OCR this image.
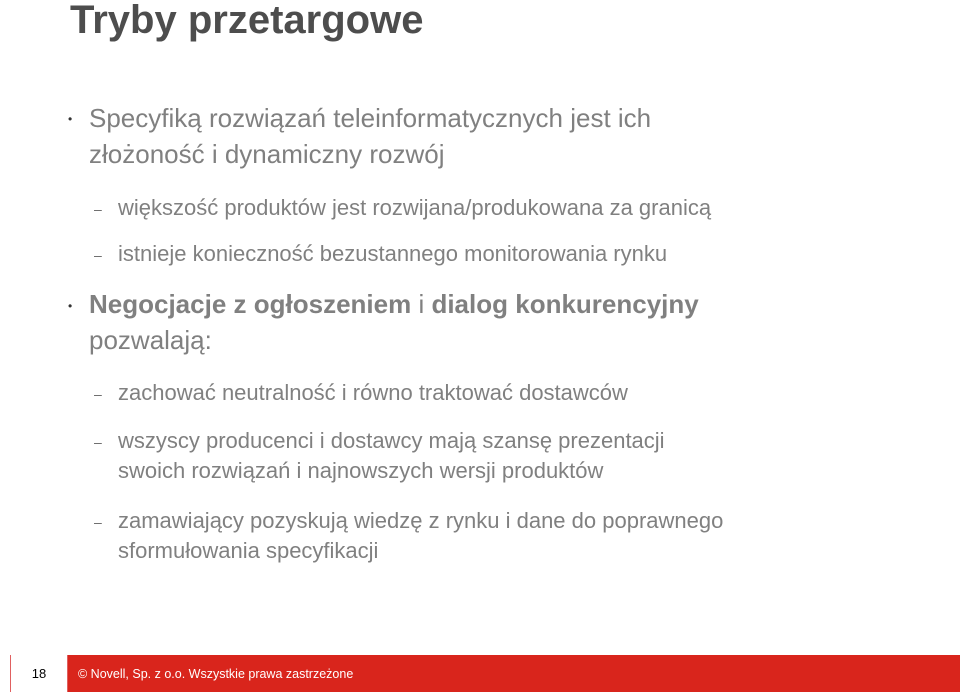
Tryby przetargowe
• Specyfiką rozwiązań teleinformatycznych jest ich
złożoność i dynamiczny rozwój
– większość produktów jest rozwijana/produkowana za granicą
– istnieje konieczność bezustannego monitorowania rynku
• Negocjacje z ogłoszeniem i dialog konkurencyjny
pozwalają:
– zachować neutralność i równo traktować dostawców
– wszyscy producenci i dostawcy mają szansę prezentacji
swoich rozwiązań i najnowszych wersji produktów
– zamawiający pozyskują wiedzę z rynku i dane do poprawnego
sformułowania specyfikacji
18	© Novell, Sp. z o.o. Wszystkie prawa zastrzeżone
